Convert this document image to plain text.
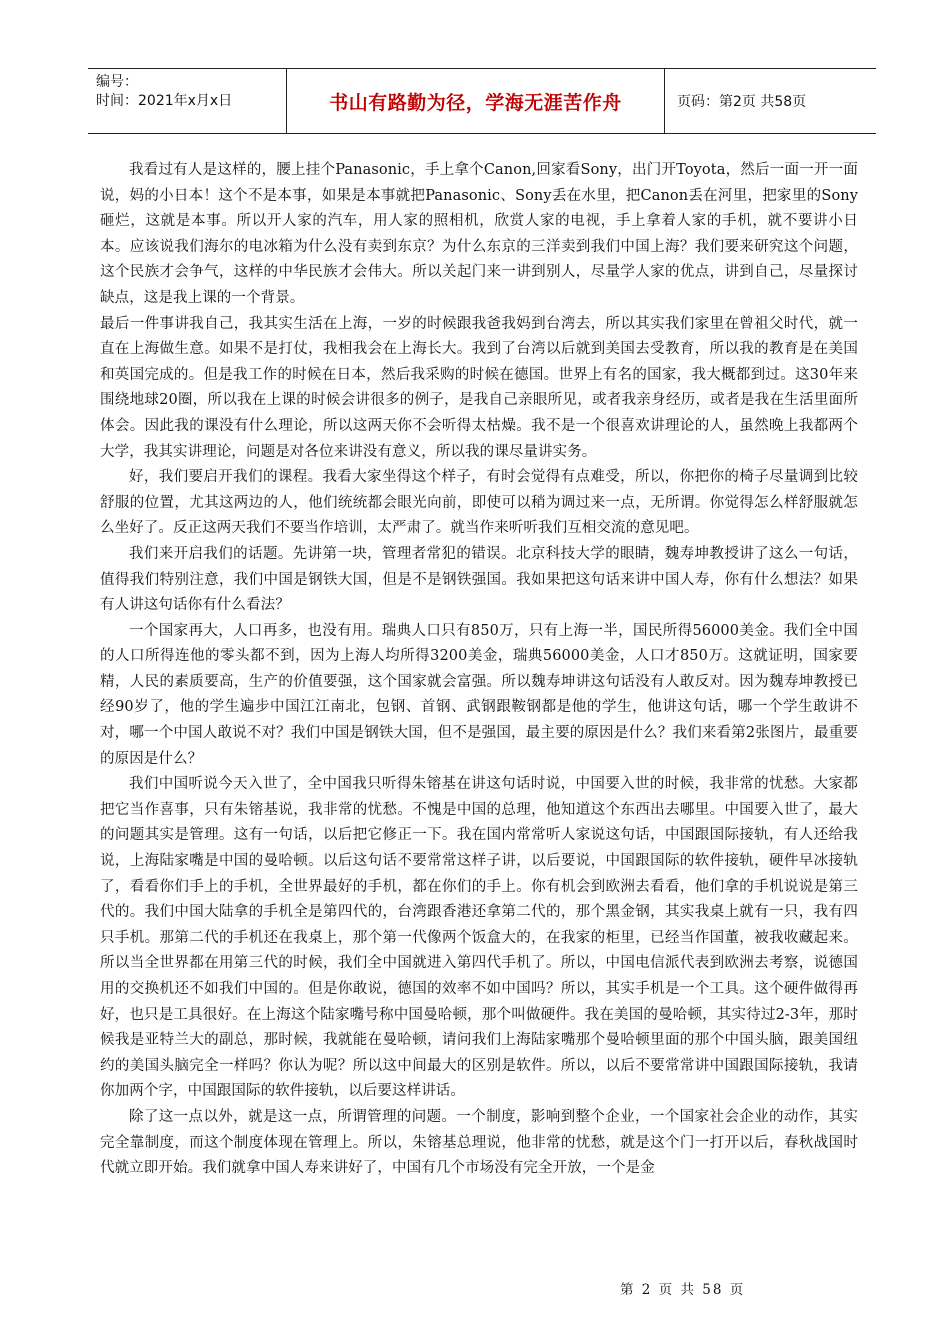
编号：
时间：2021年x月x日	书山有路勤为径，学海无涯苦作舟	页码：第2页 共58页

我看过有人是这样的，腰上挂个Panasonic，手上拿个Canon,回家看Sony，出门开Toyota，然后一面一开一面说，妈的小日本！这个不是本事，如果是本事就把Panasonic、Sony丢在水里，把Canon丢在河里，把家里的Sony砸烂，这就是本事。所以开人家的汽车，用人家的照相机，欣赏人家的电视，手上拿着人家的手机，就不要讲小日本。应该说我们海尔的电冰箱为什么没有卖到东京？为什么东京的三洋卖到我们中国上海？我们要来研究这个问题，这个民族才会争气，这样的中华民族才会伟大。所以关起门来一讲到别人，尽量学人家的优点，讲到自己，尽量探讨缺点，这是我上课的一个背景。

最后一件事讲我自己，我其实生活在上海，一岁的时候跟我爸我妈到台湾去，所以其实我们家里在曾祖父时代，就一直在上海做生意。如果不是打仗，我相我会在上海长大。我到了台湾以后就到美国去受教育，所以我的教育是在美国和英国完成的。但是我工作的时候在日本，然后我采购的时候在德国。世界上有名的国家，我大概都到过。这30年来围绕地球20圈，所以我在上课的时候会讲很多的例子，是我自己亲眼所见，或者我亲身经历，或者是我在生活里面所体会。因此我的课没有什么理论，所以这两天你不会听得太枯燥。我不是一个很喜欢讲理论的人，虽然晚上我都两个大学，我其实讲理论，问题是对各位来讲没有意义，所以我的课尽量讲实务。

好，我们要启开我们的课程。我看大家坐得这个样子，有时会觉得有点难受，所以，你把你的椅子尽量调到比较舒服的位置，尤其这两边的人，他们统统都会眼光向前，即使可以稍为调过来一点，无所谓。你觉得怎么样舒服就怎么坐好了。反正这两天我们不要当作培训，太严肃了。就当作来听听我们互相交流的意见吧。

我们来开启我们的话题。先讲第一块，管理者常犯的错误。北京科技大学的眼睛，魏寿坤教授讲了这么一句话，值得我们特别注意，我们中国是钢铁大国，但是不是钢铁强国。我如果把这句话来讲中国人寿，你有什么想法？如果有人讲这句话你有什么看法？

一个国家再大，人口再多，也没有用。瑞典人口只有850万，只有上海一半，国民所得56000美金。我们全中国的人口所得连他的零头都不到，因为上海人均所得3200美金，瑞典56000美金，人口才850万。这就证明，国家要精，人民的素质要高，生产的价值要强，这个国家就会富强。所以魏寿坤讲这句话没有人敢反对。因为魏寿坤教授已经90岁了，他的学生遍步中国江江南北，包钢、首钢、武钢跟鞍钢都是他的学生，他讲这句话，哪一个学生敢讲不对，哪一个中国人敢说不对？我们中国是钢铁大国，但不是强国，最主要的原因是什么？我们来看第2张图片，最重要的原因是什么？

我们中国听说今天入世了，全中国我只听得朱镕基在讲这句话时说，中国要入世的时候，我非常的忧愁。大家都把它当作喜事，只有朱镕基说，我非常的忧愁。不愧是中国的总理，他知道这个东西出去哪里。中国要入世了，最大的问题其实是管理。这有一句话，以后把它修正一下。我在国内常常听人家说这句话，中国跟国际接轨，有人还给我说，上海陆家嘴是中国的曼哈顿。以后这句话不要常常这样子讲，以后要说，中国跟国际的软件接轨，硬件早冰接轨了，看看你们手上的手机，全世界最好的手机，都在你们的手上。你有机会到欧洲去看看，他们拿的手机说说是第三代的。我们中国大陆拿的手机全是第四代的，台湾跟香港还拿第二代的，那个黑金钢，其实我桌上就有一只，我有四只手机。那第二代的手机还在我桌上，那个第一代像两个饭盒大的，在我家的柜里，已经当作国董，被我收藏起来。所以当全世界都在用第三代的时候，我们全中国就进入第四代手机了。所以，中国电信派代表到欧洲去考察，说德国用的交换机还不如我们中国的。但是你敢说，德国的效率不如中国吗？所以，其实手机是一个工具。这个硬件做得再好，也只是工具很好。在上海这个陆家嘴号称中国曼哈顿，那个叫做硬件。我在美国的曼哈顿，其实待过2-3年，那时候我是亚特兰大的副总，那时候，我就能在曼哈顿，请问我们上海陆家嘴那个曼哈顿里面的那个中国头脑，跟美国纽约的美国头脑完全一样吗？你认为呢？所以这中间最大的区别是软件。所以，以后不要常常讲中国跟国际接轨，我请你加两个字，中国跟国际的软件接轨，以后要这样讲话。

除了这一点以外，就是这一点，所谓管理的问题。一个制度，影响到整个企业，一个国家社会企业的动作，其实完全靠制度，而这个制度体现在管理上。所以，朱镕基总理说，他非常的忧愁，就是这个门一打开以后，春秋战国时代就立即开始。我们就拿中国人寿来讲好了，中国有几个市场没有完全开放，一个是金

第 2 页 共 58 页
